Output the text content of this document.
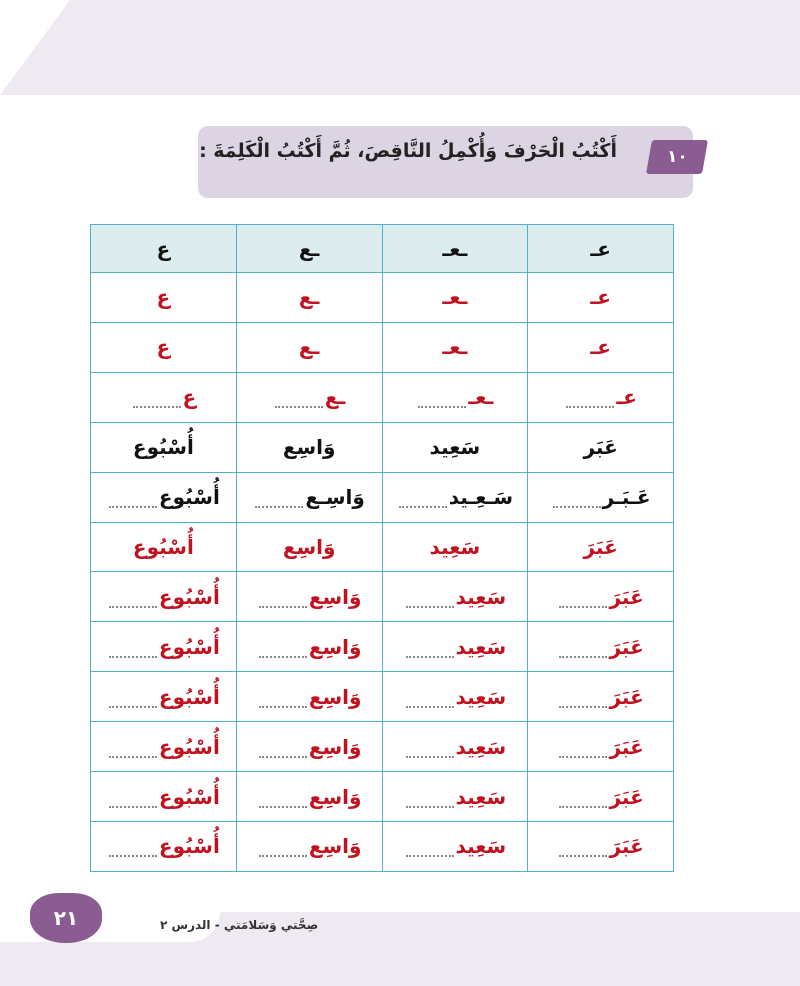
أَكْتُبُ الْحَرْفَ وَأُكْمِلُ النَّاقِصَ، ثُمَّ أَكْتُبُ الْكَلِمَةَ :	١٠
عـ	ـعـ	ـع	ع
عـ	ـعـ	ـع	ع
عـ	ـعـ	ـع	ع
عـ	ـعـ	ـع	ع
عَبَر	سَعِيد	وَاسِع	أُسْبُوع
عَـبَـر	سَـعِـيد	وَاسِـع	أُسْبُوع
عَبَرَ	سَعِيد	وَاسِع	أُسْبُوع
عَبَرَ	سَعِيد	وَاسِع	أُسْبُوع
عَبَرَ	سَعِيد	وَاسِع	أُسْبُوع
عَبَرَ	سَعِيد	وَاسِع	أُسْبُوع
عَبَرَ	سَعِيد	وَاسِع	أُسْبُوع
عَبَرَ	سَعِيد	وَاسِع	أُسْبُوع
عَبَرَ	سَعِيد	وَاسِع	أُسْبُوع
٢١	صِحَّتي وَسَلامَتي - الدرس ٢
